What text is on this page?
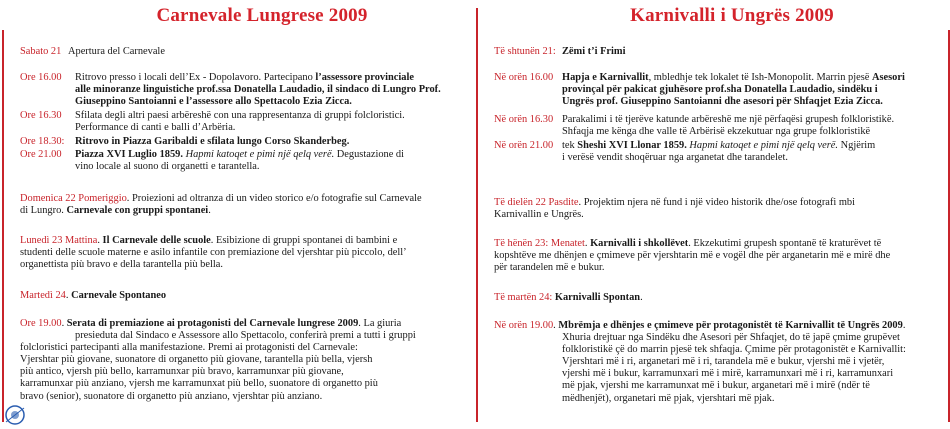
Carnevale Lungrese 2009
Sabato 21 Apertura del Carnevale
Ore 16.00 Ritrovo presso i locali dell’Ex - Dopolavoro. Partecipano l’assessore provinciale
alle minoranze linguistiche prof.ssa Donatella Laudadio, il sindaco di Lungro Prof.
Giuseppino Santoianni e l’assessore allo Spettacolo Ezia Zicca.
Ore 16.30 Sfilata degli altri paesi arbëreshë con una rappresentanza di gruppi folcloristici.
Performance di canti e balli d’Arbëria.
Ore 18.30: Ritrovo in Piazza Garibaldi e sfilata lungo Corso Skanderbeg.
Ore 21.00 Piazza XVI Luglio 1859. Hapmi katoqet e pimi një qelq verë. Degustazione di
vino locale al suono di organetti e tarantella.
Domenica 22 Pomeriggio. Proiezioni ad oltranza di un video storico e/o fotografie sul Carnevale
di Lungro. Carnevale con gruppi spontanei.
Lunedì 23 Mattina. Il Carnevale delle scuole. Esibizione di gruppi spontanei di bambini e
studenti delle scuole materne e asilo infantile con premiazione del vjershtar più piccolo, dell’
organettista più bravo e della tarantella più bella.
Martedì 24. Carnevale Spontaneo
Ore 19.00. Serata di premiazione ai protagonisti del Carnevale lungrese 2009. La giuria
presieduta dal Sindaco e Assessore allo Spettacolo, conferirà premi a tutti i gruppi
folcloristici partecipanti alla manifestazione. Premi ai protagonisti del Carnevale:
Vjershtar più giovane, suonatore di organetto più giovane, tarantella più bella, vjersh
più antico, vjersh più bello, karramunxar più bravo, karramunxar più giovane,
karramunxar più anziano, vjersh me karramunxat più bello, suonatore di organetto più
bravo (senior), suonatore di organetto più anziano, vjershtar più anziano.
Karnivalli i Ungrës 2009
Të shtunën 21: Zëmi t’i Frimi
Në orën 16.00 Hapja e Karnivallit, mbledhje tek lokalet të Ish-Monopolit. Marrin pjesë Asesori
provinçal për pakicat gjuhësore prof.sha Donatella Laudadio, sindëku i
Ungrës prof. Giuseppino Santoianni dhe asesori për Shfaqjet Ezia Zicca.
Në orën 16.30 Parakalimi i të tjerëve katunde arbëreshë me një përfaqësi grupesh folkloristikë.
Shfaqja me kënga dhe valle të Arbërisë ekzekutuar nga grupe folkloristikë
Në orën 21.00 tek Sheshi XVI Llonar 1859. Hapmi katoqet e pimi një qelq verë. Ngjërim
i verësë vendit shoqëruar nga arganetat dhe tarandelet.
Të dielën 22 Pasdite. Projektim njera në fund i një video historik dhe/ose fotografi mbi
Karnivallin e Ungrës.
Të hënën 23: Menatet. Karnivalli i shkollëvet. Ekzekutimi grupesh spontanë të kraturëvet të
kopshtëve me dhënjen e çmimeve për vjershtarin më e vogël dhe për arganetarin më e mirë dhe
për tarandelen më e bukur.
Të martën 24: Karnivalli Spontan.
Në orën 19.00. Mbrëmja e dhënjes e çmimeve për protagonistët të Karnivallit të Ungrës 2009.
Xhuria drejtuar nga Sindëku dhe Asesori për Shfaqjet, do të japë çmime grupëvet
folkloristikë çë do marrin pjesë tek shfaqja. Çmime për protagonistët e Karnivallit:
Vjershtari më i ri, arganetari më i ri, tarandela më e bukur, vjershi më i vjetër,
vjershi më i bukur, karramunxari më i mirë, karramunxari më i ri, karramunxari
më pjak, vjershi me karramunxat më i bukur, arganetari më i mirë (ndër të
mëdhenjët), organetari më pjak, vjershtari më pjak.
